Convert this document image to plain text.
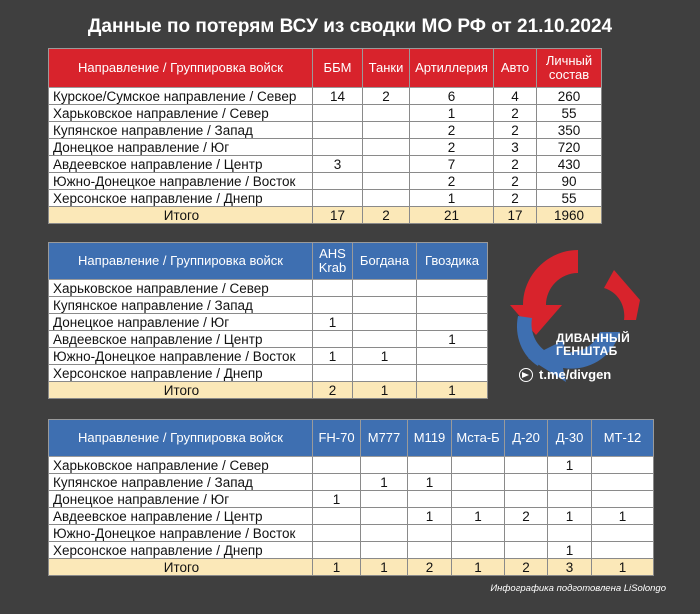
Данные по потерям ВСУ из сводки МО РФ от 21.10.2024
Направление / Группировка войск	ББМ	Танки	Артиллерия	Авто	Личный состав
Курское/Сумское направление / Север	14	2	6	4	260
Харьковское направление / Север			1	2	55
Купянское направление / Запад			2	2	350
Донецкое направление / Юг			2	3	720
Авдеевское направление / Центр	3		7	2	430
Южно-Донецкое направление / Восток			2	2	90
Херсонское направление / Днепр			1	2	55
Итого	17	2	21	17	1960
Направление / Группировка войск	AHS Krab	Богдана	Гвоздика
Харьковское направление / Север			
Купянское направление / Запад			
Донецкое направление / Юг	1		
Авдеевское направление / Центр			1
Южно-Донецкое направление / Восток	1	1	
Херсонское направление / Днепр			
Итого	2	1	1
Направление / Группировка войск	FH-70	M777	M119	Мста-Б	Д-20	Д-30	МТ-12
Харьковское направление / Север						1	
Купянское направление / Запад		1	1				
Донецкое направление / Юг	1						
Авдеевское направление / Центр			1	1	2	1	1
Южно-Донецкое направление / Восток							
Херсонское направление / Днепр						1	
Итого	1	1	2	1	2	3	1
ДИВАННЫЙ
ГЕНШТАБ
t.me/divgen
Инфографика подготовлена LiSolongo
